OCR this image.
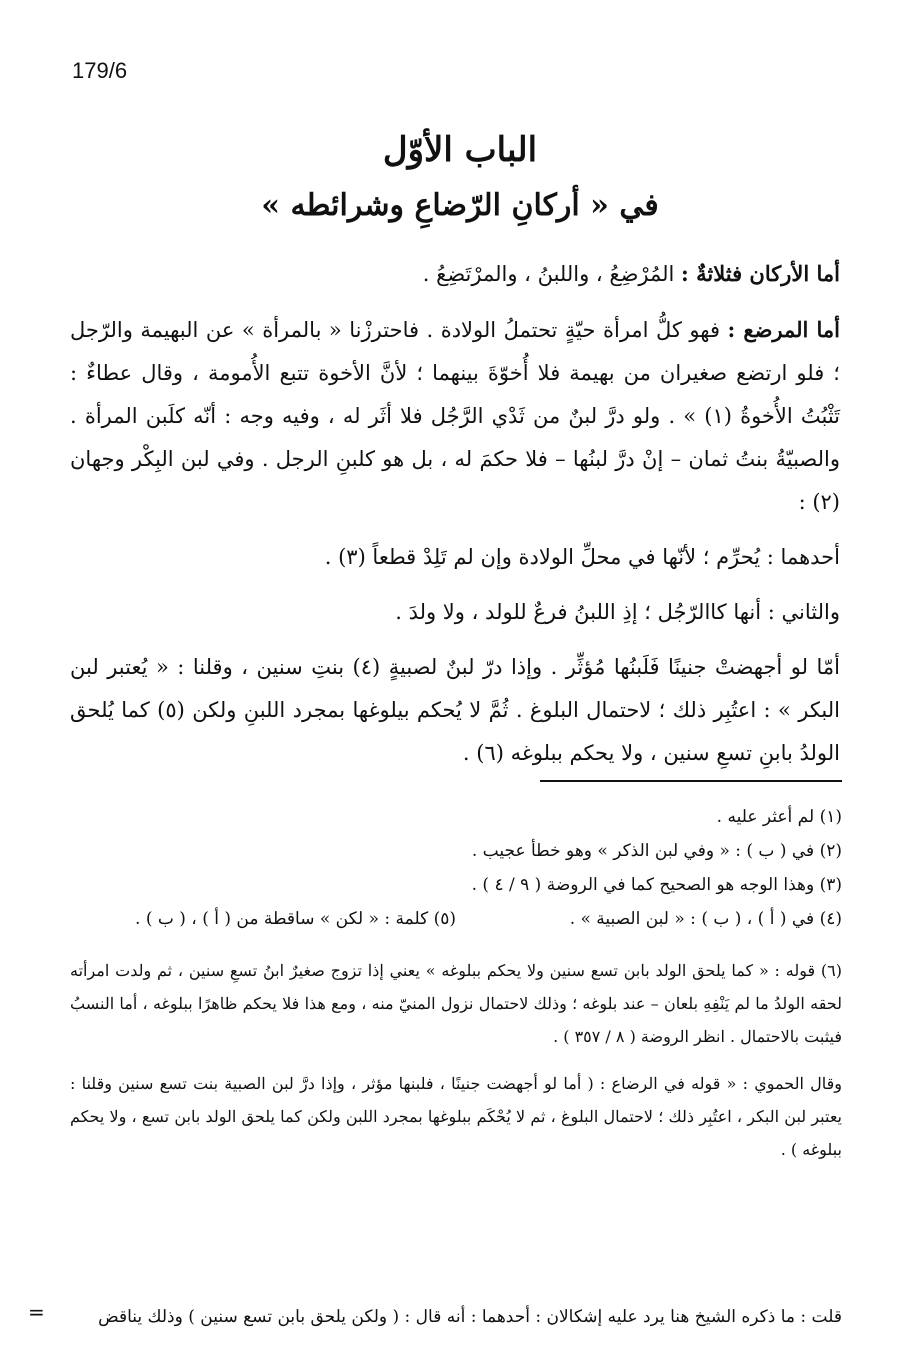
179/6
الباب الأوّل
في « أركانِ الرّضاعِ وشرائطه »

أما الأركان فثلاثةٌ : المُرْضِعُ ، واللبنُ ، والمرْتَضِعُ .

أما المرضع : فهو كلُّ امرأة حيّةٍ تحتملُ الولادة . فاحترزْنا « بالمرأة » عن البهيمة والرّجل ؛ فلو ارتضع صغيران من بهيمة فلا أُخوّةَ بينهما ؛ لأنَّ الأخوة تتبع الأُمومة ، وقال عطاءٌ : تَثْبُتُ الأُخوةُ (١) » . ولو درَّ لبنٌ من ثَدْي الرَّجُل فلا أثَر له ، وفيه وجه : أنّه كلَبن المرأة . والصبيّةُ بنتُ ثمان – إنْ درَّ لبنُها – فلا حكمَ له ، بل هو كلبنِ الرجل . وفي لبن البِكْر وجهان (٢) :

أحدهما : يُحرِّم ؛ لأنّها في محلِّ الولادة وإن لم تَلِدْ قطعاً (٣) .

والثاني : أنها كاالرّجُل ؛ إذِ اللبنُ فرعٌ للولد ، ولا ولدَ .

أمّا لو أجهضتْ جنينًا فَلَبنُها مُؤثِّر . وإذا درّ لبنٌ لصبيةٍ (٤) بنتِ سنين ، وقلنا : « يُعتبر لبن البكر » : اعتُبِر ذلك ؛ لاحتمال البلوغ . ثُمَّ لا يُحكم بيلوغها بمجرد اللبنِ ولكن (٥) كما يُلحق الولدُ بابنِ تسعِ سنين ، ولا يحكم ببلوغه (٦) .

(١) لم أعثر عليه .

(٢) في ( ب ) : « وفي لبن الذكر » وهو خطأ عجيب .

(٣) وهذا الوجه هو الصحيح كما في الروضة ( ٩ / ٤ ) .

(٤) في ( أ ) ، ( ب ) : « لبن الصبية » .
(٥) كلمة : « لكن » ساقطة من ( أ ) ، ( ب ) .

(٦) قوله : « كما يلحق الولد بابن تسع سنين ولا يحكم ببلوغه » يعني إذا تزوج صغيرٌ ابنُ تسعِ سنين ، ثم ولدت امرأته لحقه الولدُ ما لم يَنْفِهِ بلعان – عند بلوغه ؛ وذلك لاحتمال نزول المنيّ منه ، ومع هذا فلا يحكم ظاهرًا ببلوغه ، أما النسبُ فيثبت بالاحتمال . انظر الروضة ( ٨ / ٣٥٧ ) .

وقال الحموي : « قوله في الرضاع : ( أما لو أجهضت جنينًا ، فلبنها مؤثر ، وإذا درَّ لبن الصبية بنت تسع سنين وقلنا : يعتبر لبن البكر ، اعتُبِر ذلك ؛ لاحتمال البلوغ ، ثم لا يُحْكَم ببلوغها بمجرد اللبن ولكن كما يلحق الولد بابن تسع ، ولا يحكم ببلوغه ) .

قلت : ما ذكره الشيخ هنا يرد عليه إشكالان : أحدهما : أنه قال : ( ولكن يلحق بابن تسع سنين ) وذلك يناقض
=
